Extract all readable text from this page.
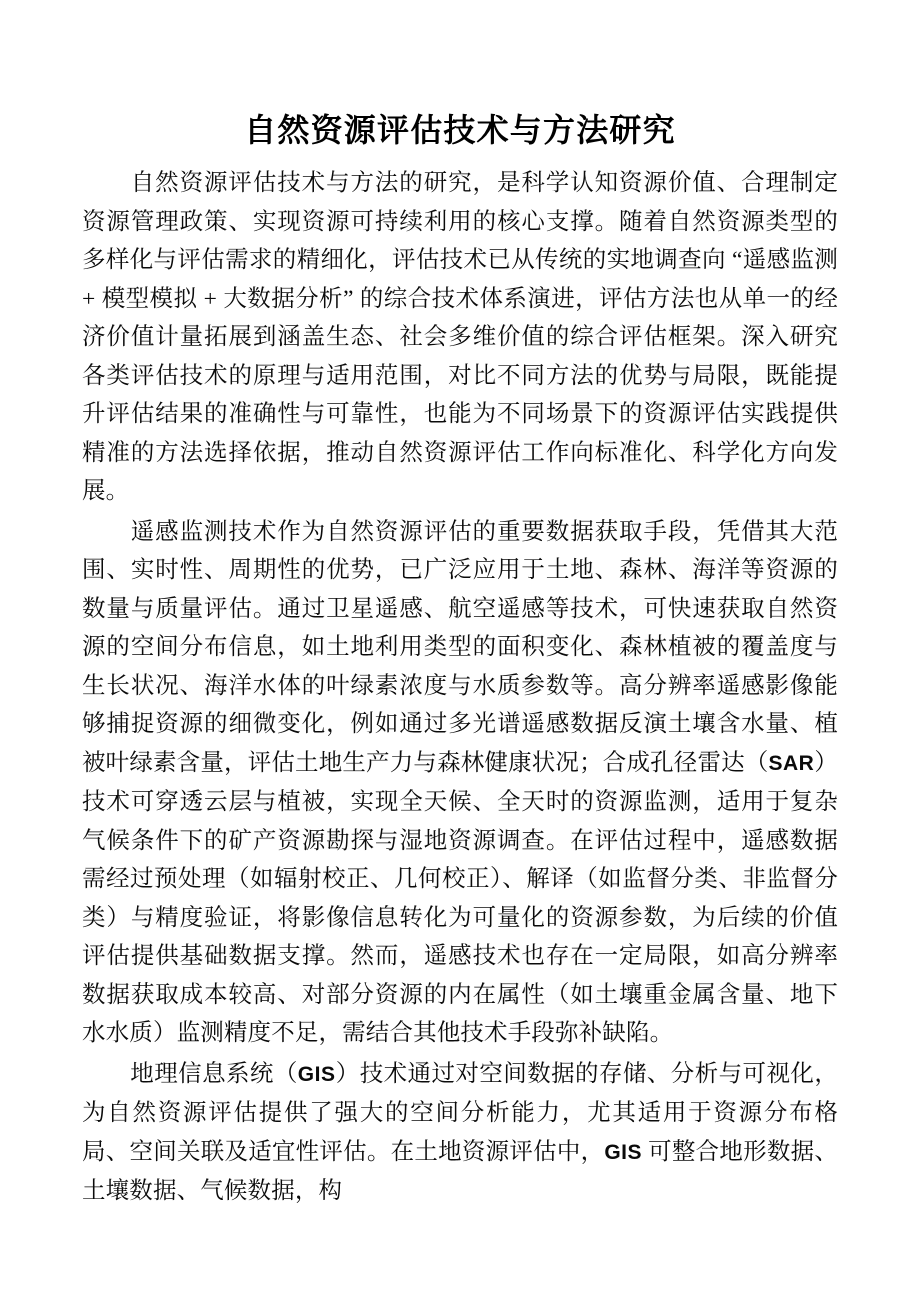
自然资源评估技术与方法研究

自然资源评估技术与方法的研究，是科学认知资源价值、合理制定资源管理政策、实现资源可持续利用的核心支撑。随着自然资源类型的多样化与评估需求的精细化，评估技术已从传统的实地调查向 “遥感监测 + 模型模拟 + 大数据分析” 的综合技术体系演进，评估方法也从单一的经济价值计量拓展到涵盖生态、社会多维价值的综合评估框架。深入研究各类评估技术的原理与适用范围，对比不同方法的优势与局限，既能提升评估结果的准确性与可靠性，也能为不同场景下的资源评估实践提供精准的方法选择依据，推动自然资源评估工作向标准化、科学化方向发展。

遥感监测技术作为自然资源评估的重要数据获取手段，凭借其大范围、实时性、周期性的优势，已广泛应用于土地、森林、海洋等资源的数量与质量评估。通过卫星遥感、航空遥感等技术，可快速获取自然资源的空间分布信息，如土地利用类型的面积变化、森林植被的覆盖度与生长状况、海洋水体的叶绿素浓度与水质参数等。高分辨率遥感影像能够捕捉资源的细微变化，例如通过多光谱遥感数据反演土壤含水量、植被叶绿素含量，评估土地生产力与森林健康状况；合成孔径雷达（SAR）技术可穿透云层与植被，实现全天候、全天时的资源监测，适用于复杂气候条件下的矿产资源勘探与湿地资源调查。在评估过程中，遥感数据需经过预处理（如辐射校正、几何校正）、解译（如监督分类、非监督分类）与精度验证，将影像信息转化为可量化的资源参数，为后续的价值评估提供基础数据支撑。然而，遥感技术也存在一定局限，如高分辨率数据获取成本较高、对部分资源的内在属性（如土壤重金属含量、地下水水质）监测精度不足，需结合其他技术手段弥补缺陷。

地理信息系统（GIS）技术通过对空间数据的存储、分析与可视化，为自然资源评估提供了强大的空间分析能力，尤其适用于资源分布格局、空间关联及适宜性评估。在土地资源评估中，GIS 可整合地形数据、土壤数据、气候数据，构
